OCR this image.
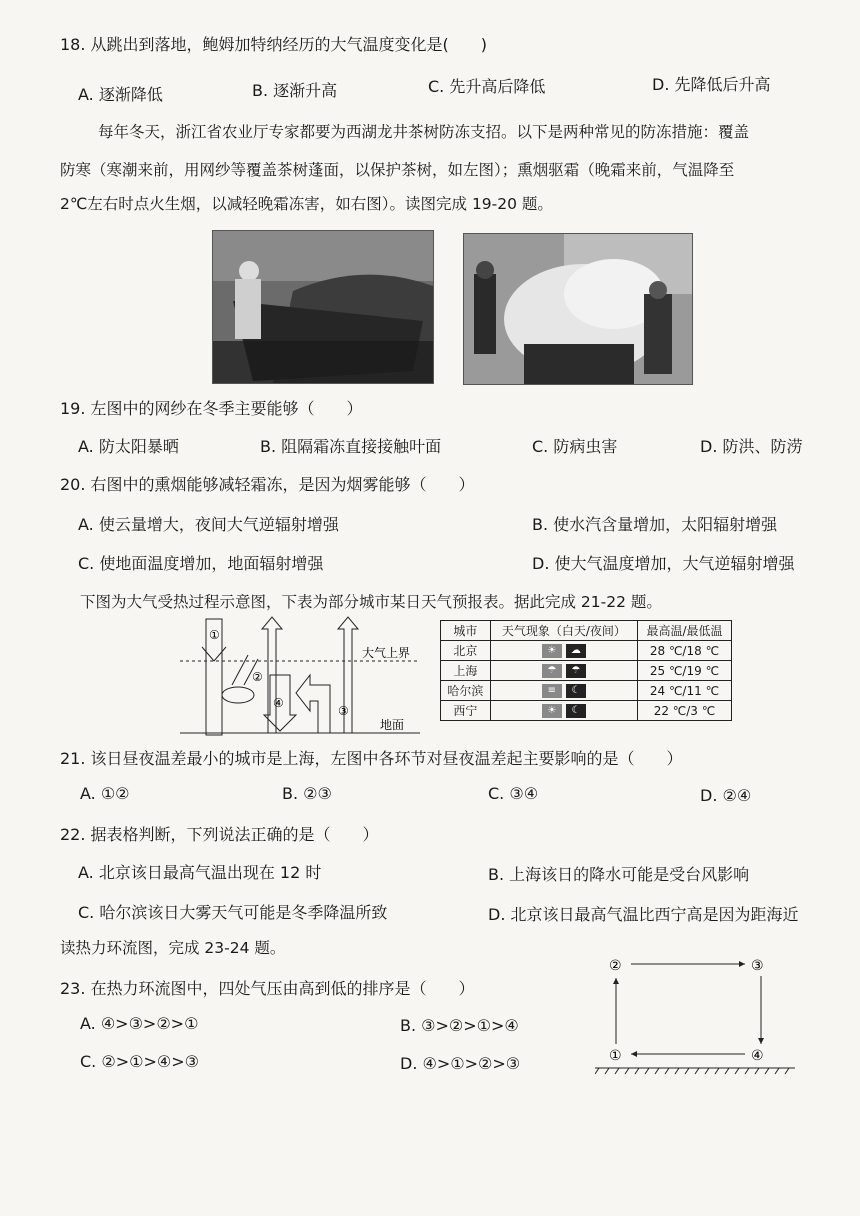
18. 从跳出到落地，鲍姆加特纳经历的大气温度变化是(　　)
A. 逐渐降低	B. 逐渐升高	C. 先升高后降低	D. 先降低后升高
每年冬天，浙江省农业厅专家都要为西湖龙井茶树防冻支招。以下是两种常见的防冻措施：覆盖
防寒（寒潮来前，用网纱等覆盖茶树蓬面，以保护茶树，如左图）；熏烟驱霜（晚霜来前，气温降至
2℃左右时点火生烟，以减轻晚霜冻害，如右图）。读图完成 19-20 题。
19. 左图中的网纱在冬季主要能够（　　）
A. 防太阳暴晒	B. 阻隔霜冻直接接触叶面	C. 防病虫害	D. 防洪、防涝
20. 右图中的熏烟能够减轻霜冻，是因为烟雾能够（　　）
A. 使云量增大，夜间大气逆辐射增强	B. 使水汽含量增加，太阳辐射增强
C. 使地面温度增加，地面辐射增强	D. 使大气温度增加，大气逆辐射增强
下图为大气受热过程示意图，下表为部分城市某日天气预报表。据此完成 21-22 题。
①
②
④
③
大气上界
地面
城市	天气现象（白天/夜间）	最高温/最低温
北京	☀ ☁	28 ℃/18 ℃
上海	☂ ☂	25 ℃/19 ℃
哈尔滨	≡ ☾	24 ℃/11 ℃
西宁	☀ ☾	22 ℃/3 ℃
21. 该日昼夜温差最小的城市是上海，左图中各环节对昼夜温差起主要影响的是（　　）
A. ①②	B. ②③	C. ③④	D. ②④
22. 据表格判断，下列说法正确的是（　　）
A. 北京该日最高气温出现在 12 时	B. 上海该日的降水可能是受台风影响
C. 哈尔滨该日大雾天气可能是冬季降温所致	D. 北京该日最高气温比西宁高是因为距海近
读热力环流图，完成 23-24 题。
23. 在热力环流图中，四处气压由高到低的排序是（　　）
A. ④>③>②>①	B. ③>②>①>④
C. ②>①>④>③	D. ④>①>②>③
②	③
①	④
